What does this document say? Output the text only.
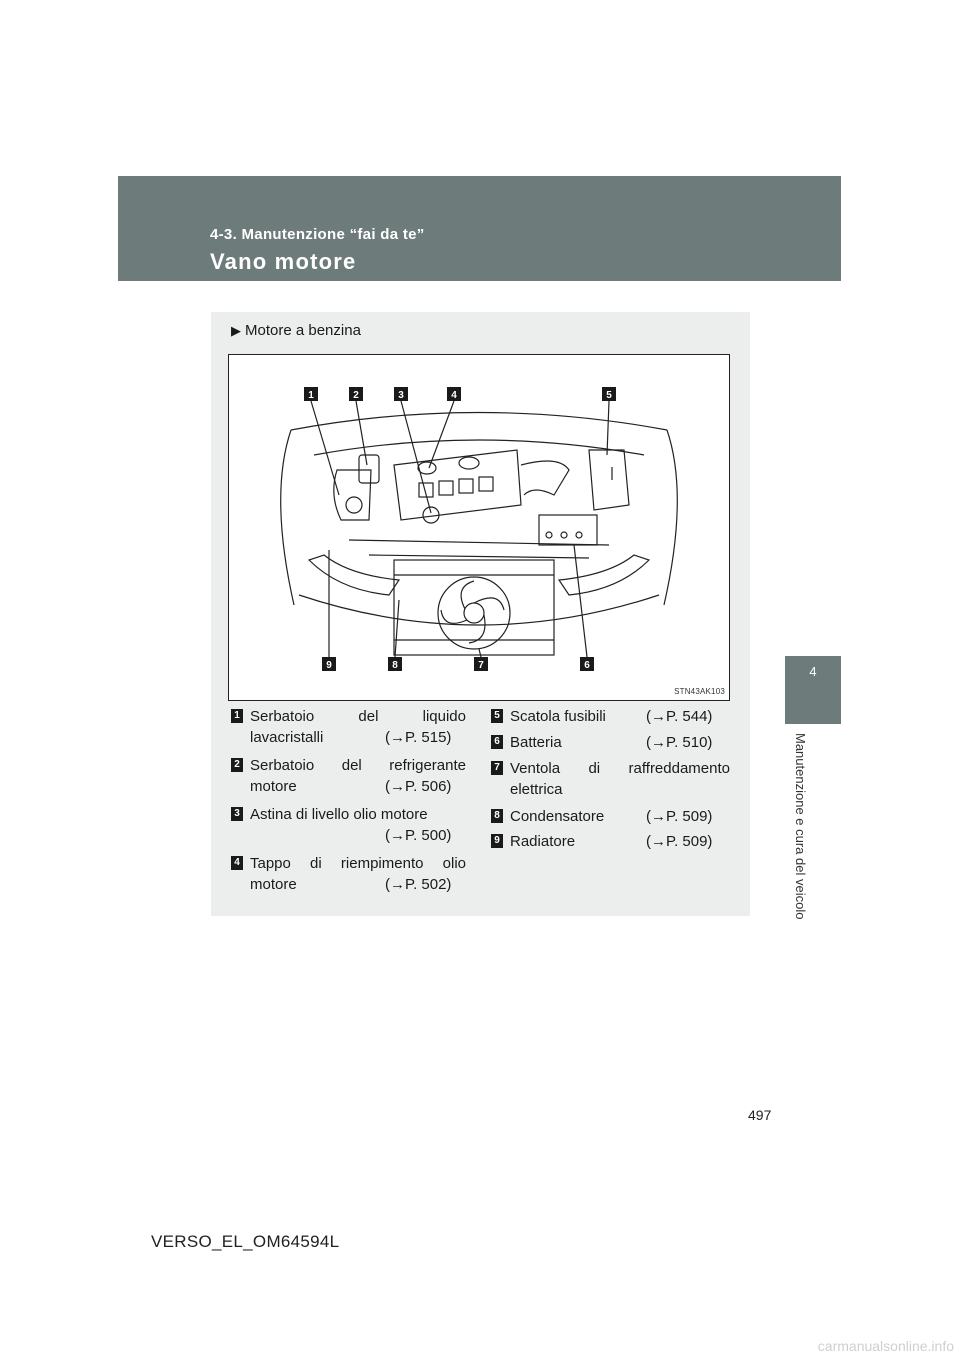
4-3. Manutenzione “fai da te”
Vano motore
4
Manutenzione e cura del veicolo
▶ Motore a benzina
1	2	3	4	5
9	8	7	6
STN43AK103
1 Serbatoio del liquido
lavacristalli	(→P. 515)
2 Serbatoio del refrigerante
motore	(→P. 506)
3 Astina di livello olio motore
(→P. 500)
4 Tappo di riempimento olio
motore	(→P. 502)
5 Scatola fusibili	(→P. 544)
6 Batteria	(→P. 510)
7 Ventola di raffreddamento
elettrica
8 Condensatore	(→P. 509)
9 Radiatore	(→P. 509)
497
VERSO_EL_OM64594L
carmanualsonline.info
